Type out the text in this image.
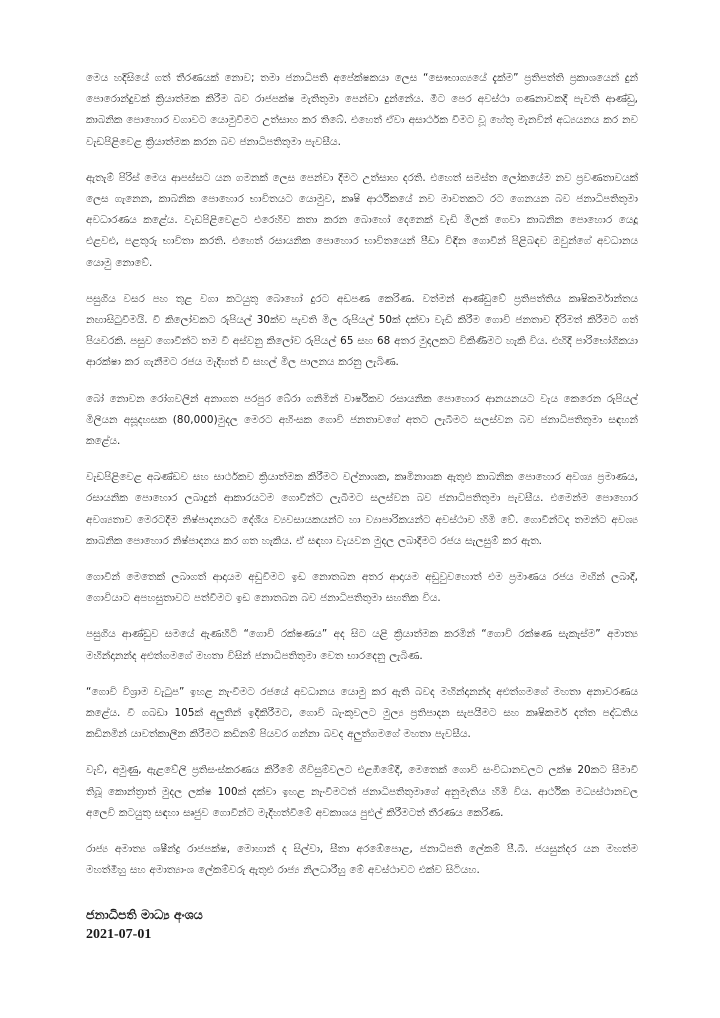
මෙය හදිසියේ ගත් තීරණයක් නොව; තමා ජනාධිපති අපේක්ෂකයා ලෙස “සෞභාග්‍යයේ දැක්ම” ප්‍රතිපත්ති ප්‍රකාශයෙන් දුන් පොරොන්දුවක් ක්‍රියාත්මක කිරීම බව රාජපක්ෂ මැතිතුමා පෙන්වා දුන්නේය. මීට පෙර අවස්ථා ගණනාවකදී පැවති ආණ්ඩු, කාබනික පොහොර වගාවට යොමුවීමට උත්සාහ කර තිබේ. එහෙත් ඒවා අසාර්ථක වීමට වූ හේතු මැනවින් අධ්‍යයනය කර නව වැඩපිළිවෙළ ක්‍රියාත්මක කරන බව ජනාධිපතිතුමා පැවසීය.

ඇතැම් පිරිස් මෙය ආපස්සට යන ගමනක් ලෙස පෙන්වා දීමට උත්සාහ දරති. එහෙත් සමස්ත ලෝකයේම නව ප්‍රවණතාවයක් ලෙස ගැනෙන, කාබනික පොහොර භාවිතයට යොමුව, කෘෂි ආර්ථිකයේ නව මාවතකට රට ගෙනයන බව ජනාධිපතිතුමා අවධාරණය කළේය. වැඩපිළිවෙළට එරෙහිව කතා කරන බොහෝ දෙනෙක් වැඩි මිලක් ගෙවා කාබනික පොහොර යෙදූ එළවළු, පළතුරු භාවිතා කරති. එහෙත් රසායනික පොහොර භාවිතයෙන් පීඩා විඳින ගොවීන් පිළිබඳව ඔවුන්ගේ අවධානය යොමු නොවේ.

පසුගිය වසර පහ තුළ වගා කටයුතු බොහෝ දුරට අඩපණ කෙරිණ. වත්මන් ආණ්ඩුවේ ප්‍රතිපත්තිය කෘෂිකර්මාන්තය නඟාසිටුවීමයි. වී කිලෝවකට රුපියල් 30ක්ව පැවති මිල රුපියල් 50ක් දක්වා වැඩි කිරීම ගොවි ජනතාව දිරිමත් කිරීමට ගත් පියවරකි. පසුව ගොවීන්ට තම වී අස්වනු කිලෝව රුපියල් 65 සහ 68 අතර මුදලකට විකිණීමට හැකි විය. එහිදී පාරිභෝගිකයා ආරක්ෂා කර ගැනීමට රජය මැදිහත් වී සහල් මිල පාලනය කරනු ලැබිණ.

බෝ නොවන රෝගවලින් අනාගත පරපුර බේරා ගනිමින් වාර්ෂිකව රසායනික පොහොර ආනයනයට වැය කෙරෙන රුපියල් මිලියන අසූදහසක (80,000)මුදල මෙරට අහිංසක ගොවි ජනතාවගේ අතට ලැබීමට සලස්වන බව ජනාධිපතිතුමා සඳහන් කළේය.

වැඩපිළිවෙළ අඛණ්ඩව සහ සාර්ථකව ක්‍රියාත්මක කිරීමට වල්නාශක, කෘමිනාශක ඇතුළු කාබනික පොහොර අවශ්‍ය ප්‍රමාණය, රසායනික පොහොර ලබාදුන් ආකාරයටම ගොවීන්ට ලැබීමට සලස්වන බව ජනාධිපතිතුමා පැවසීය. එමෙන්ම පොහොර අවශ්‍යතාව මෙරටදීම නිෂ්පාදනයට දේශීය ව්‍යවසායකයන්ට හා ව්‍යාපාරිකයන්ට අවස්ථාව හිමි වේ. ගොවීන්ටද තමන්ට අවශ්‍ය කාබනික පොහොර නිෂ්පාදනය කර ගත හැකිය. ඒ සඳහා වැයවන මුදල ලබාදීමට රජය සැලසුම් කර ඇත.

ගොවීන් මෙතෙක් ලබාගත් ආදායම අඩුවීමට ඉඩ නොතබන අතර ආදායම අඩුවුවහොත් එම ප්‍රමාණය රජය මඟින් ලබාදී, ගොවියාට අපහසුතාවට පත්වීමට ඉඩ නොතබන බව ජනාධිපතිතුමා සහතික විය.

පසුගිය ආණ්ඩුව සමයේ ඇණහිටි “ගොවි රක්ෂණය” අද සිට යළි ක්‍රියාත්මක කරමින් “ගොවි රක්ෂණ සැකැස්ම” අමාත්‍ය මහින්දානන්ද අළුත්ගමගේ මහතා විසින් ජනාධිපතිතුමා වෙත භාරදෙනු ලැබිණ.

“ගොවි විශ්‍රාම වැටුප” ඉහළ නැංවීමට රජයේ අවධානය යොමු කර ඇති බවද මහින්දානන්ද අළුත්ගමගේ මහතා අනාවරණය කළේය. වී ගබඩා 105ක් අලුතින් ඉදිකිරීමට, ගොවි බැංකුවලට මුල්‍ය ප්‍රතිපාදන සැපයීමට සහ කෘෂිකර්ම දත්ත පද්ධතිය කඩිනමින් යාවත්කාලීන කිරීමට කඩිනම් පියවර ගන්නා බවද අලුත්ගමගේ මහතා පැවසීය.

වැව්, අමුණු, ඇළවේලි ප්‍රතිසංස්කරණය කිරීමේ ගිවිසුම්වලට එළඹීමේදී, මෙතෙක් ගොවි සංවිධානවලට ලක්ෂ 20කට සීමාවී තිබූ කොන්ත්‍රාත් මුදල ලක්ෂ 100ක් දක්වා ඉහළ නැංවීමටත් ජනාධිපතිතුමාගේ අනුමැතිය හිමි විය. ආර්ථික මධ්‍යස්ථානවල අලෙවි කටයුතු සඳහා සෘජුව ගොවීන්ට මැදිහත්වීමේ අවකාශය පුළුල් කිරීමටත් තීරණය කෙරිණ.

රාජ්‍ය අමාත්‍ය ශෂීන්ද්‍ර රාජපක්ෂ, මොහාන් ද සිල්වා, සීතා අරඹේපොළ, ජනාධිපති ලේකම් පී.බී. ජයසුන්දර යන මහත්ම මහත්මීහු සහ අමාත්‍යාංශ ලේකම්වරු ඇතුළු රාජ්‍ය නිලධාරීහු මේ අවස්ථාවට එක්ව සිටියහ.

ජනාධිපති මාධ්‍ය අංශය
2021-07-01
